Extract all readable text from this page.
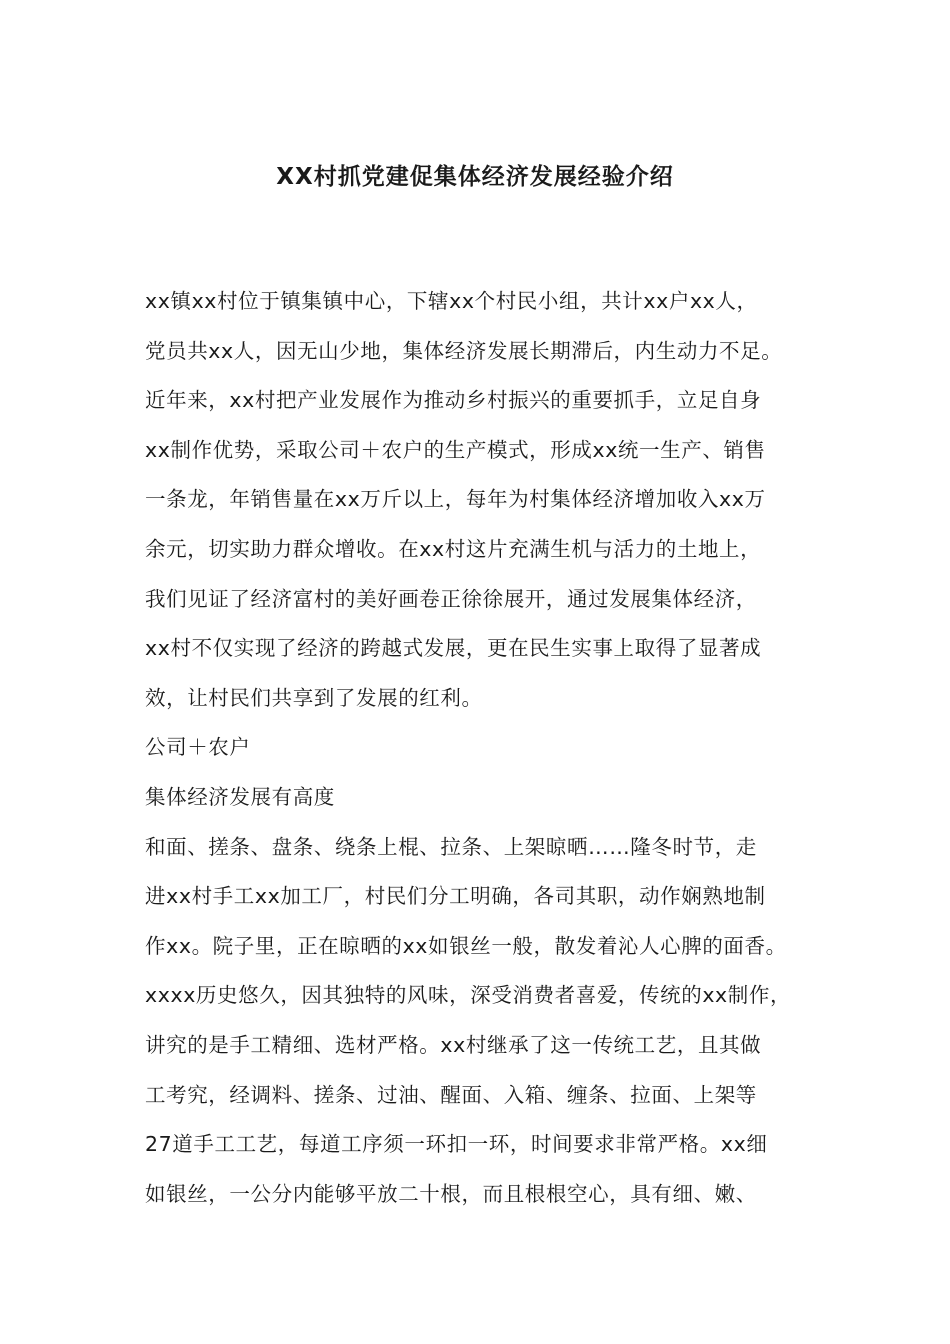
XX村抓党建促集体经济发展经验介绍
xx镇xx村位于镇集镇中心，下辖xx个村民小组，共计xx户xx人，
党员共xx人，因无山少地，集体经济发展长期滞后，内生动力不足。
近年来，xx村把产业发展作为推动乡村振兴的重要抓手，立足自身
xx制作优势，采取公司＋农户的生产模式，形成xx统一生产、销售
一条龙，年销售量在xx万斤以上，每年为村集体经济增加收入xx万
余元，切实助力群众增收。在xx村这片充满生机与活力的土地上，
我们见证了经济富村的美好画卷正徐徐展开，通过发展集体经济，
xx村不仅实现了经济的跨越式发展，更在民生实事上取得了显著成
效，让村民们共享到了发展的红利。
公司＋农户
集体经济发展有高度
和面、搓条、盘条、绕条上棍、拉条、上架晾晒……隆冬时节，走
进xx村手工xx加工厂，村民们分工明确，各司其职，动作娴熟地制
作xx。院子里，正在晾晒的xx如银丝一般，散发着沁人心脾的面香。
xxxx历史悠久，因其独特的风味，深受消费者喜爱，传统的xx制作，
讲究的是手工精细、选材严格。xx村继承了这一传统工艺，且其做
工考究，经调料、搓条、过油、醒面、入箱、缠条、拉面、上架等
27道手工工艺，每道工序须一环扣一环，时间要求非常严格。xx细
如银丝，一公分内能够平放二十根，而且根根空心，具有细、嫩、
